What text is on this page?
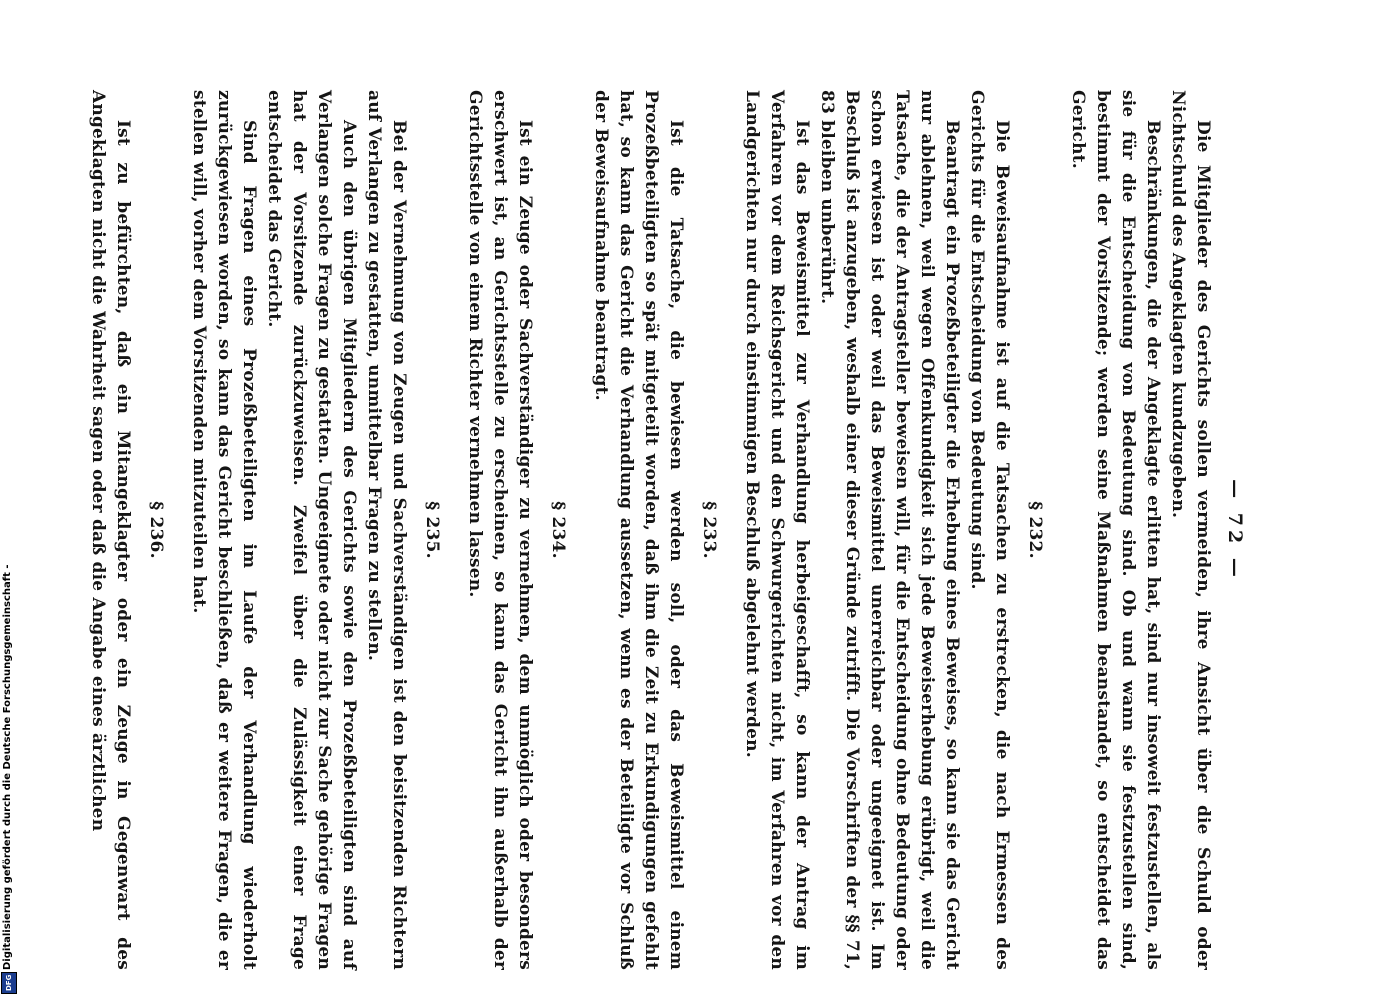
DFG
Digitalisierung gefördert durch die Deutsche Forschungsgemeinschaft -
— 72 —

Die Mitglieder des Gerichts sollen vermeiden, ihre Ansicht über die Schuld oder Nichtschuld des Angeklagten kundzugeben.

Beschränkungen, die der Angeklagte erlitten hat, sind nur insoweit festzustellen, als sie für die Entscheidung von Bedeutung sind. Ob und wann sie festzustellen sind, bestimmt der Vorsitzende; werden seine Maßnahmen beanstandet, so entscheidet das Gericht.

§ 232.

Die Beweisaufnahme ist auf die Tatsachen zu erstrecken, die nach Ermessen des Gerichts für die Entscheidung von Bedeutung sind.

Beantragt ein Prozeßbeteiligter die Erhebung eines Beweises, so kann sie das Gericht nur ablehnen, weil wegen Offenkundigkeit sich jede Beweiserhebung erübrigt, weil die Tatsache, die der Antragsteller beweisen will, für die Entscheidung ohne Bedeutung oder schon erwiesen ist oder weil das Beweismittel unerreichbar oder ungeeignet ist. Im Beschluß ist anzugeben, weshalb einer dieser Gründe zutrifft. Die Vorschriften der §§ 71, 83 bleiben unberührt.

Ist das Beweismittel zur Verhandlung herbeigeschafft, so kann der Antrag im Verfahren vor dem Reichsgericht und den Schwurgerichten nicht, im Verfahren vor den Landgerichten nur durch einstimmigen Beschluß abgelehnt werden.

§ 233.

Ist die Tatsache, die bewiesen werden soll, oder das Beweismittel einem Prozeßbeteiligten so spät mitgeteilt worden, daß ihm die Zeit zu Erkundigungen gefehlt hat, so kann das Gericht die Verhandlung aussetzen, wenn es der Beteiligte vor Schluß der Beweisaufnahme beantragt.

§ 234.

Ist ein Zeuge oder Sachverständiger zu vernehmen, dem unmöglich oder besonders erschwert ist, an Gerichtsstelle zu erscheinen, so kann das Gericht ihn außerhalb der Gerichtsstelle von einem Richter vernehmen lassen.

§ 235.

Bei der Vernehmung von Zeugen und Sachverständigen ist den beisitzenden Richtern auf Verlangen zu gestatten, unmittelbar Fragen zu stellen.

Auch den übrigen Mitgliedern des Gerichts sowie den Prozeßbeteiligten sind auf Verlangen solche Fragen zu gestatten. Ungeeignete oder nicht zur Sache gehörige Fragen hat der Vorsitzende zurückzuweisen. Zweifel über die Zulässigkeit einer Frage entscheidet das Gericht.

Sind Fragen eines Prozeßbeteiligten im Laufe der Verhandlung wiederholt zurückgewiesen worden, so kann das Gericht beschließen, daß er weitere Fragen, die er stellen will, vorher dem Vorsitzenden mitzuteilen hat.

§ 236.

Ist zu befürchten, daß ein Mitangeklagter oder ein Zeuge in Gegenwart des Angeklagten nicht die Wahrheit sagen oder daß die Angabe eines ärztlichen
